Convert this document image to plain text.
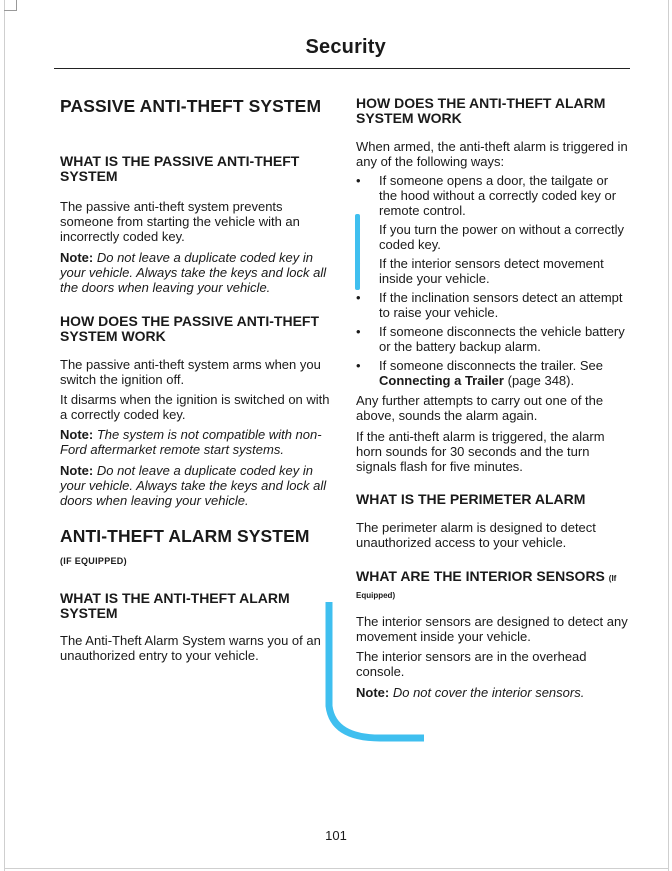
Security
PASSIVE ANTI-THEFT SYSTEM
WHAT IS THE PASSIVE ANTI-THEFT SYSTEM

The passive anti-theft system prevents someone from starting the vehicle with an incorrectly coded key.

Note: Do not leave a duplicate coded key in your vehicle. Always take the keys and lock all the doors when leaving your vehicle.

HOW DOES THE PASSIVE ANTI-THEFT SYSTEM WORK

The passive anti-theft system arms when you switch the ignition off.

It disarms when the ignition is switched on with a correctly coded key.

Note: The system is not compatible with non-Ford aftermarket remote start systems.

Note: Do not leave a duplicate coded key in your vehicle. Always take the keys and lock all doors when leaving your vehicle.

ANTI-THEFT ALARM SYSTEM
(IF EQUIPPED)
WHAT IS THE ANTI-THEFT ALARM SYSTEM

The Anti-Theft Alarm System warns you of an unauthorized entry to your vehicle.

HOW DOES THE ANTI-THEFT ALARM SYSTEM WORK

When armed, the anti-theft alarm is triggered in any of the following ways:

• If someone opens a door, the tailgate or the hood without a correctly coded key or remote control.
If you turn the power on without a correctly coded key.
If the interior sensors detect movement inside your vehicle.
• If the inclination sensors detect an attempt to raise your vehicle.
• If someone disconnects the vehicle battery or the battery backup alarm.
• If someone disconnects the trailer. See Connecting a Trailer (page 348).

Any further attempts to carry out one of the above, sounds the alarm again.

If the anti-theft alarm is triggered, the alarm horn sounds for 30 seconds and the turn signals flash for five minutes.

WHAT IS THE PERIMETER ALARM

The perimeter alarm is designed to detect unauthorized access to your vehicle.

WHAT ARE THE INTERIOR SENSORS (If Equipped)

The interior sensors are designed to detect any movement inside your vehicle.

The interior sensors are in the overhead console.

Note: Do not cover the interior sensors.

101
